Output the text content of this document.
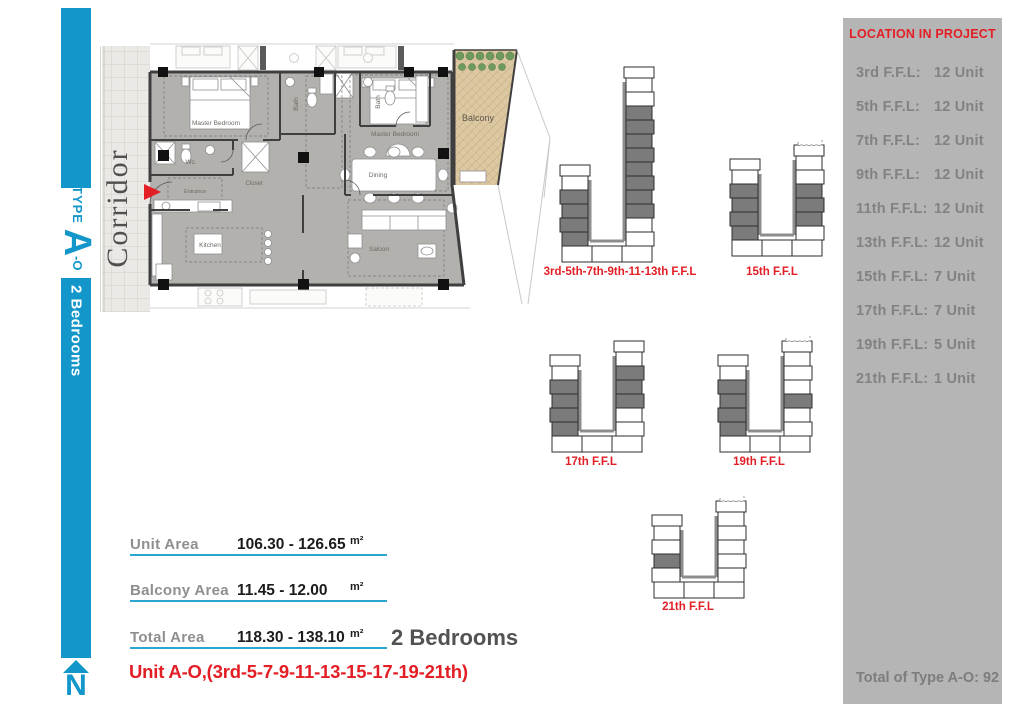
TYPE A-O
2 Bedrooms
N
Corridor
Master Bedroom
Master Bedroom
Bath	Bath
Wc.
Entrance
Closet
Kitchen
Dining
Saloon
Balcony
3rd-5th-7th-9th-11-13th F.F.L	15th F.F.L
17th F.F.L	19th F.F.L
21th F.F.L
LOCATION IN PROJECT
3rd F.F.L: 12 Unit
5th F.F.L: 12 Unit
7th F.F.L: 12 Unit
9th F.F.L: 12 Unit
11th F.F.L: 12 Unit
13th F.F.L: 12 Unit
15th F.F.L: 7 Unit
17th F.F.L: 7 Unit
19th F.F.L: 5 Unit
21th F.F.L: 1 Unit
Total of Type A-O: 92
Unit Area 106.30 - 126.65 m²
Balcony Area 11.45 - 12.00 m²
Total Area 118.30 - 138.10 m² 2 Bedrooms
Unit A-O,(3rd-5-7-9-11-13-15-17-19-21th)
